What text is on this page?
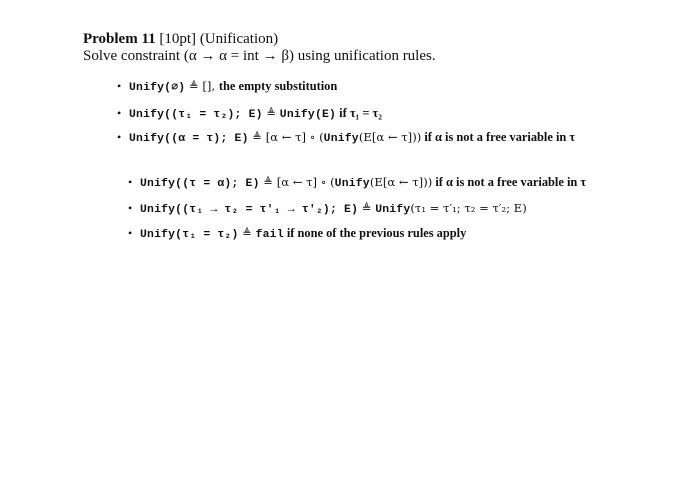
Problem 11 [10pt] (Unification)
Solve constraint (α → α = int → β) using unification rules.
• Unify(∅) ≜ [], the empty substitution
• Unify((τ₁ = τ₂); E) ≜ Unify(E) if τ₁ = τ₂
• Unify((α = τ); E) ≜ [α ← τ] ∘ (Unify(E[α ← τ])) if α is not a free variable in τ
• Unify((τ = α); E) ≜ [α ← τ] ∘ (Unify(E[α ← τ])) if α is not a free variable in τ
• Unify((τ₁ → τ₂ = τ′₁ → τ′₂); E) ≜ Unify(τ₁ = τ′₁; τ₂ = τ′₂; E)
• Unify(τ₁ = τ₂) ≜ fail if none of the previous rules apply
